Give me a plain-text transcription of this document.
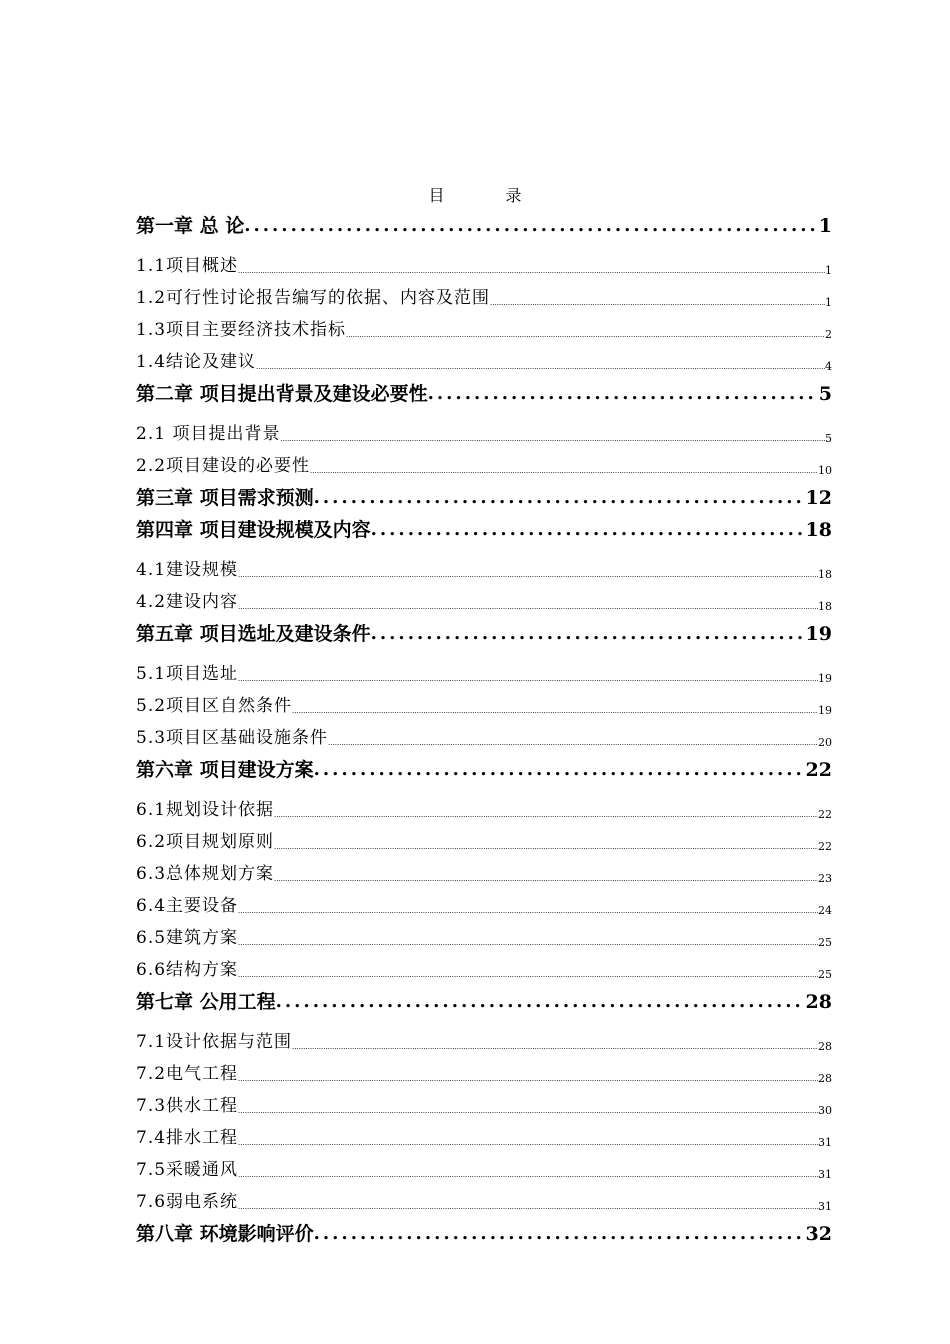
目 录
第一章 总 论 .....	1
1.1项目概述 .....	1
1.2可行性讨论报告编写的依据、内容及范围 .....	1
1.3项目主要经济技术指标 .....	2
1.4结论及建议 .....	4
第二章 项目提出背景及建设必要性 .....	5
2.1 项目提出背景 .....	5
2.2项目建设的必要性 .....	10
第三章 项目需求预测 .....	12
第四章 项目建设规模及内容 .....	18
4.1建设规模 .....	18
4.2建设内容 .....	18
第五章 项目选址及建设条件 .....	19
5.1项目选址 .....	19
5.2项目区自然条件 .....	19
5.3项目区基础设施条件 .....	20
第六章 项目建设方案 .....	22
6.1规划设计依据 .....	22
6.2项目规划原则 .....	22
6.3总体规划方案 .....	23
6.4主要设备 .....	24
6.5建筑方案 .....	25
6.6结构方案 .....	25
第七章 公用工程 .....	28
7.1设计依据与范围 .....	28
7.2电气工程 .....	28
7.3供水工程 .....	30
7.4排水工程 .....	31
7.5采暖通风 .....	31
7.6弱电系统 .....	31
第八章 环境影响评价 .....	32
